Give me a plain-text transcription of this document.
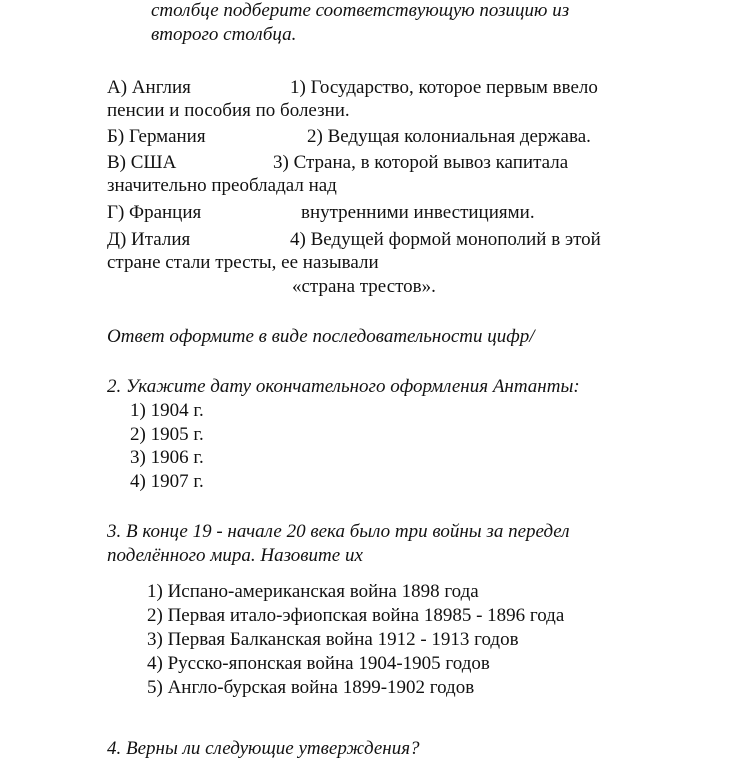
столбце подберите соответствующую позицию из
второго столбца.
А) Англия	1) Государство, которое первым ввело
пенсии и пособия по болезни.
Б) Германия	2) Ведущая колониальная держава.
В) США	3) Страна, в которой вывоз капитала
значительно преобладал над
Г) Франция	внутренними инвестициями.
Д) Италия	4) Ведущей формой монополий в этой
стране стали тресты, ее называли
«страна трестов».
Ответ оформите в виде последовательности цифр/
2. Укажите дату окончательного оформления Антанты:
1) 1904 г.
2) 1905 г.
3) 1906 г.
4) 1907 г.
3. В конце 19 - начале 20 века было три войны за передел
поделённого мира. Назовите их
1) Испано-американская война 1898 года
2) Первая итало-эфиопская война 18985 - 1896 года
3) Первая Балканская война 1912 - 1913 годов
4) Русско-японская война 1904-1905 годов
5) Англо-бурская война 1899-1902 годов
4. Верны ли следующие утверждения?
